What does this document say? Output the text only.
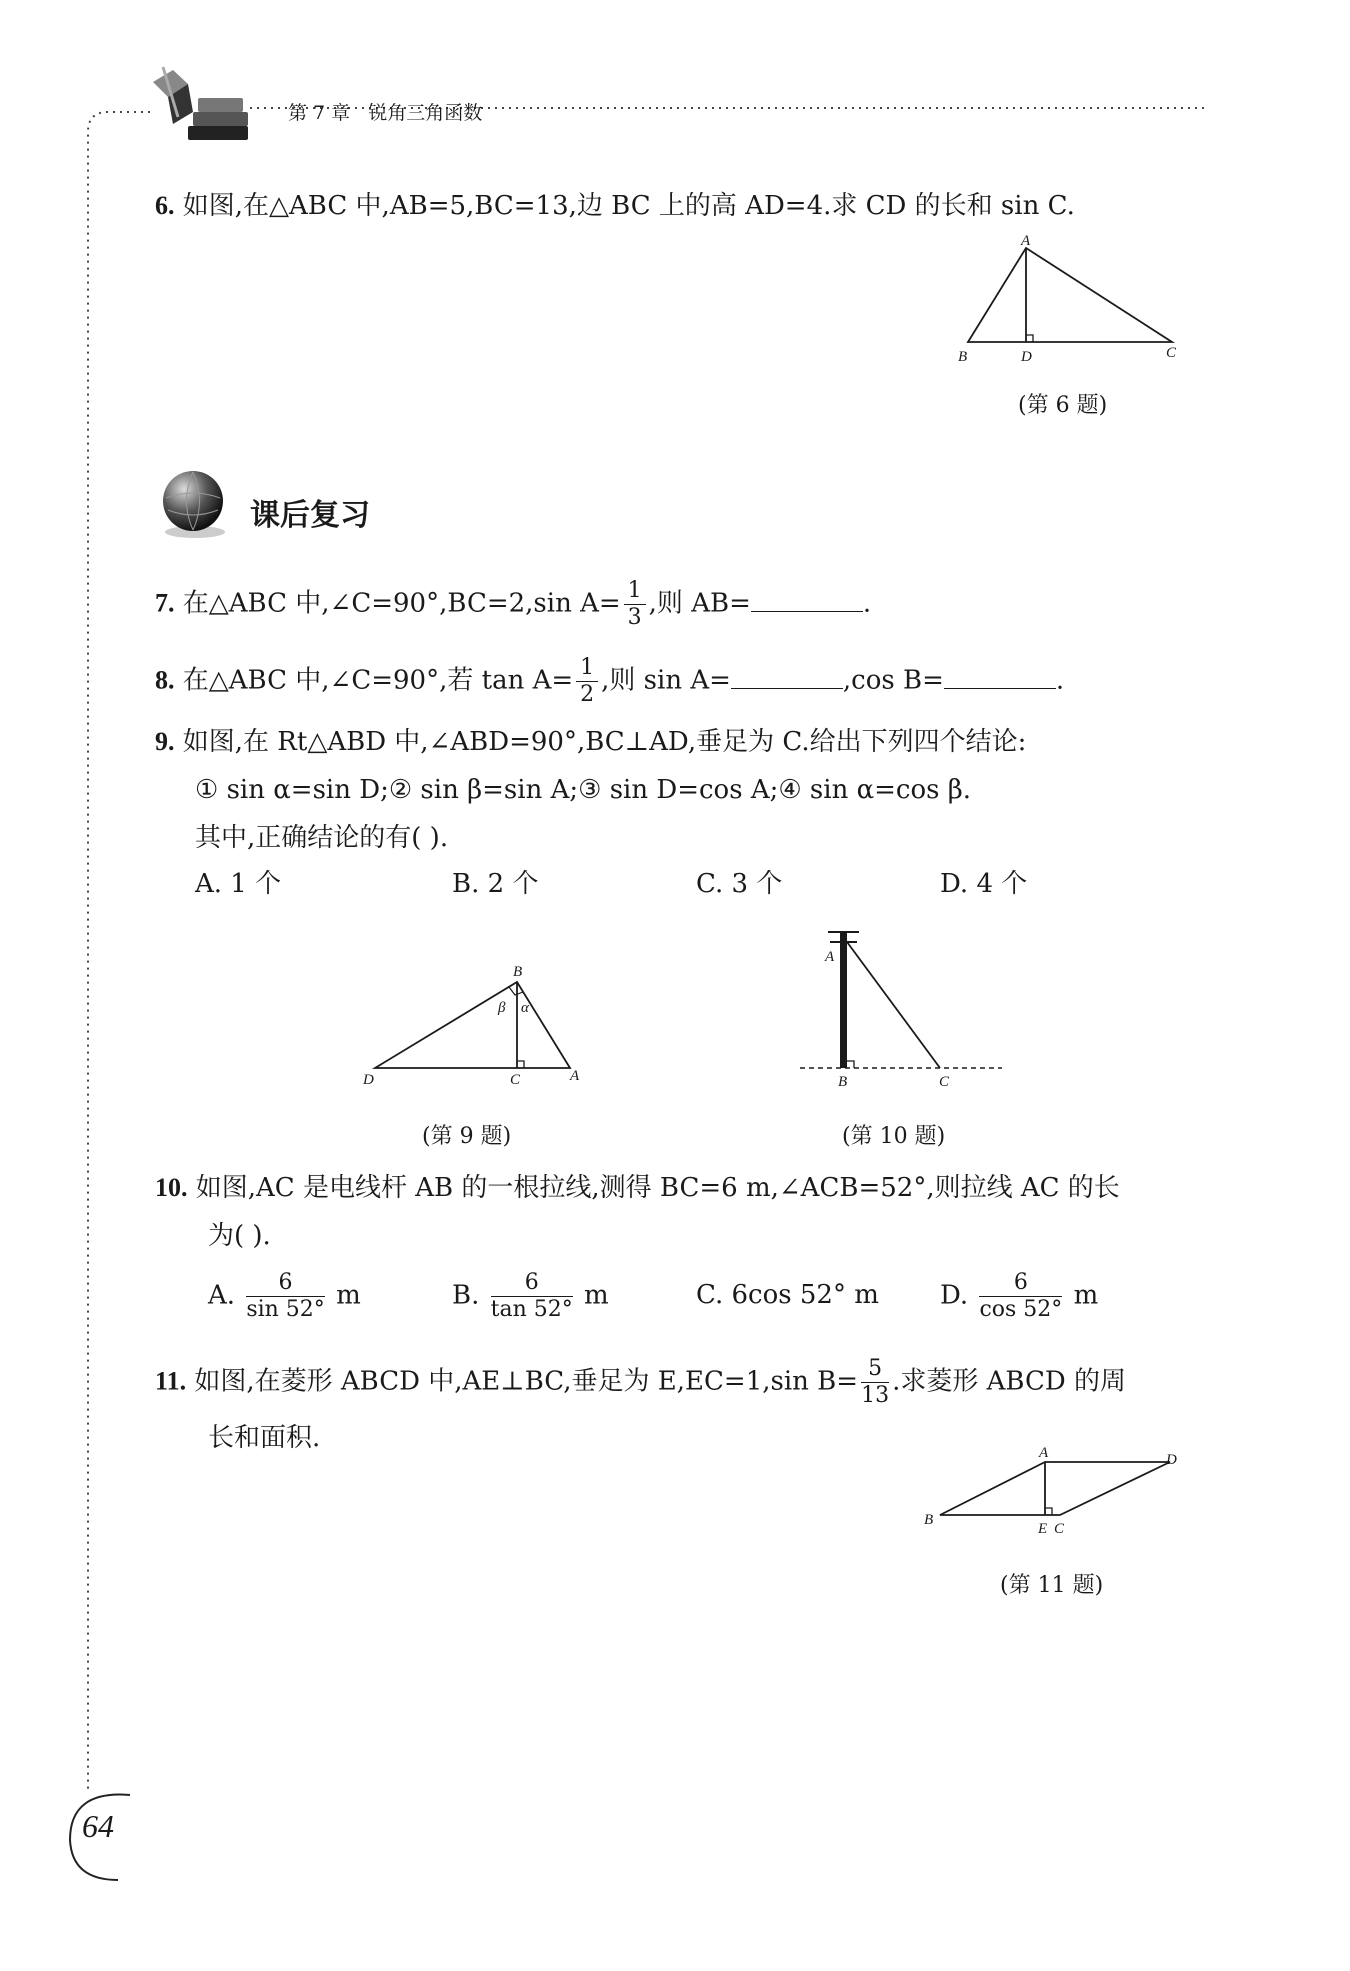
第 7 章 锐角三角函数
6. 如图,在△ABC 中,AB=5,BC=13,边 BC 上的高 AD=4.求 CD 的长和 sin C.
A
B	D	C
(第 6 题)
课后复习
7. 在△ABC 中,∠C=90°,BC=2,sin $A= \frac{1}{3}$ ,则 AB=	.
8. 在△ABC 中,∠C=90°,若 $\tan A= \frac{1}{2}$ ,则 sin A=	,cos B=	.
9. 如图,在 Rt△ABD 中,∠ABD=90°,BC⊥AD,垂足为 C.给出下列四个结论:
① sin α=sin D;② sin β=sin A;③ sin D=cos A;④ sin α=cos β.
其中,正确结论的有( ).
A. 1 个	B. 2 个	C. 3 个	D. 4 个
B
β α
D	C	A
(第 9 题)
A
B	C
(第 10 题)
10. 如图,AC 是电线杆 AB 的一根拉线,测得 BC=6 m,∠ACB=52°,则拉线 AC 的长
为( ).
A. $\frac{6}{\sin 52^\circ}$ m	B. $\frac{6}{\tan 52^\circ}$ m	C. 6cos 52° m D. $\frac{6}{\cos 52^\circ}$ m
11. 如图,在菱形 ABCD 中,AE⊥BC,垂足为 E,EC=1,sin $B= \frac{5}{13}$ .求菱形 ABCD 的周
长和面积.	A	D
B
E C
(第 11 题)
64
